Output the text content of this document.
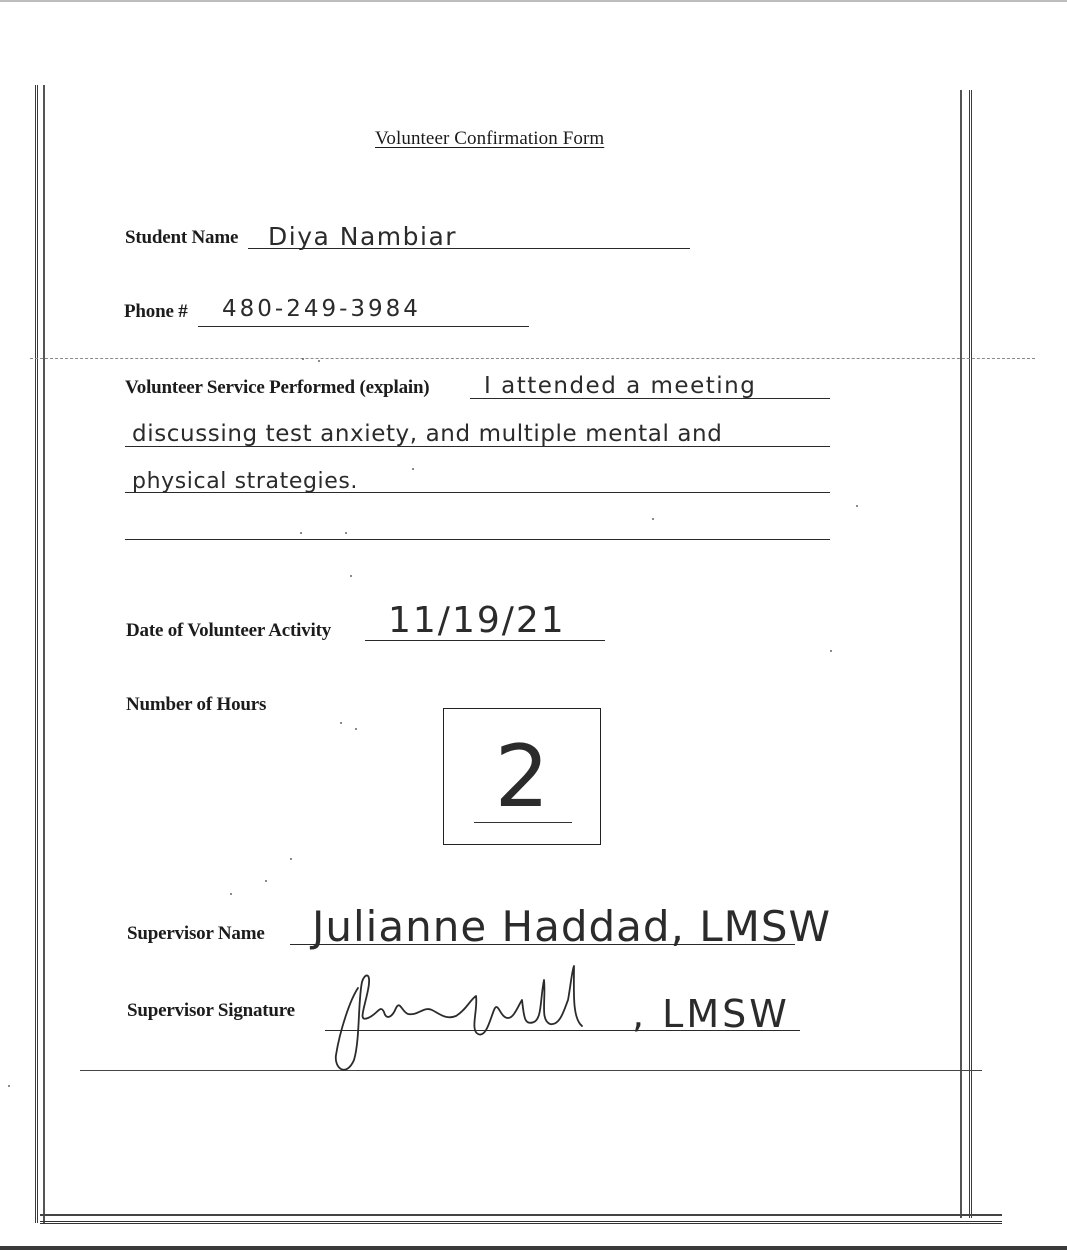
Volunteer Confirmation Form
Student Name Diya Nambiar
Phone # 480-249-3984
Volunteer Service Performed (explain) I attended a meeting
discussing test anxiety, and multiple mental and
physical strategies.
Date of Volunteer Activity 11/19/21
Number of Hours
2
Supervisor Name Julianne Haddad, LMSW
Supervisor Signature	, LMSW
